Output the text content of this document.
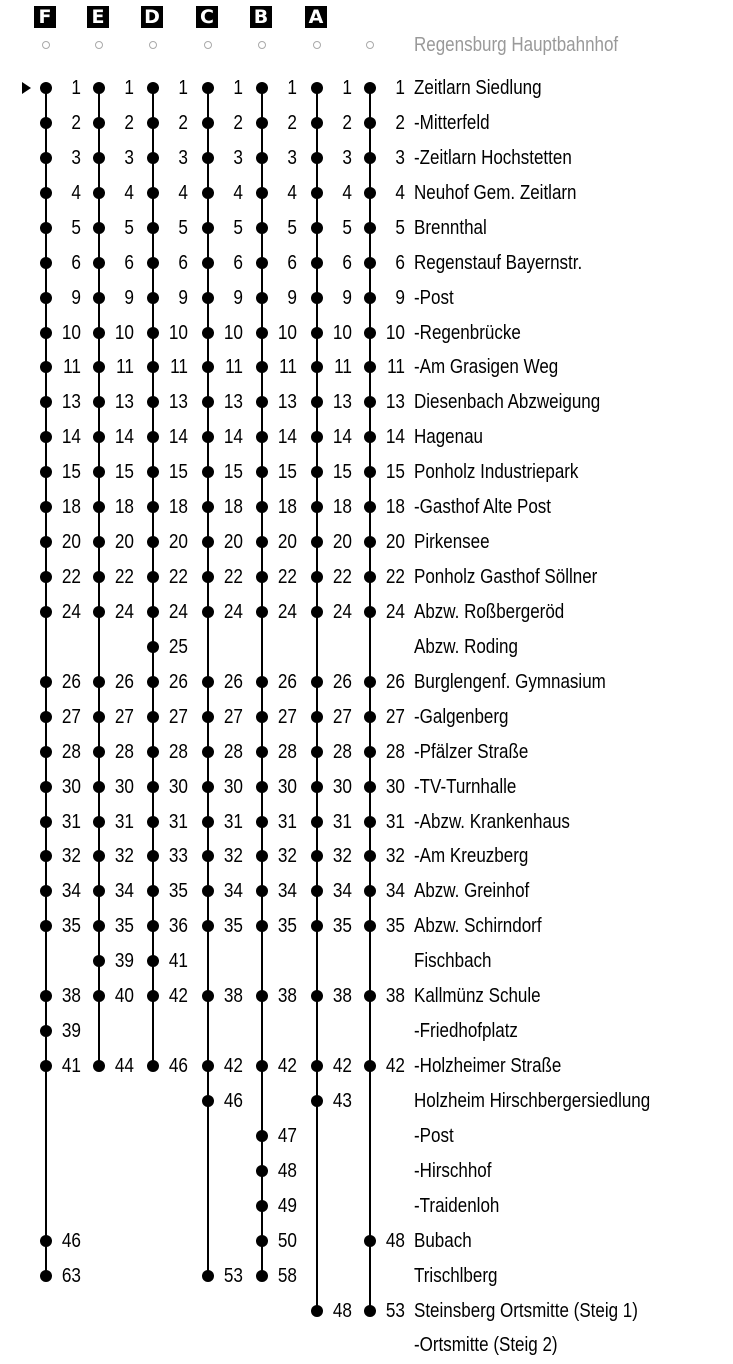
F
1
2
3
4
5
6
9
10
11
13
14
15
18
20
22
24
26
27
28
30
31
32
34
35
38
39
41
46
63
E
1
2
3
4
5
6
9
10
11
13
14
15
18
20
22
24
26
27
28
30
31
32
34
35
39
40
44
D
1
2
3
4
5
6
9
10
11
13
14
15
18
20
22
24
25
26
27
28
30
31
33
35
36
41
42
46
C
1
2
3
4
5
6
9
10
11
13
14
15
18
20
22
24
26
27
28
30
31
32
34
35
38
42
46
53
B
1
2
3
4
5
6
9
10
11
13
14
15
18
20
22
24
26
27
28
30
31
32
34
35
38
42
47
48
49
50
58
A
1
2
3
4
5
6
9
10
11
13
14
15
18
20
22
24
26
27
28
30
31
32
34
35
38
42
43
48
1
2
3
4
5
6
9
10
11
13
14
15
18
20
22
24
26
27
28
30
31
32
34
35
38
42
48
53
Regensburg Hauptbahnhof
Zeitlarn Siedlung
-Mitterfeld
-Zeitlarn Hochstetten
Neuhof Gem. Zeitlarn
Brennthal
Regenstauf Bayernstr.
-Post
-Regenbrücke
-Am Grasigen Weg
Diesenbach Abzweigung
Hagenau
Ponholz Industriepark
-Gasthof Alte Post
Pirkensee
Ponholz Gasthof Söllner
Abzw. Roßbergeröd
Abzw. Roding
Burglengenf. Gymnasium
-Galgenberg
-Pfälzer Straße
-TV-Turnhalle
-Abzw. Krankenhaus
-Am Kreuzberg
Abzw. Greinhof
Abzw. Schirndorf
Fischbach
Kallmünz Schule
-Friedhofplatz
-Holzheimer Straße
Holzheim Hirschbergersiedlung
-Post
-Hirschhof
-Traidenloh
Bubach
Trischlberg
Steinsberg Ortsmitte (Steig 1)
-Ortsmitte (Steig 2)
